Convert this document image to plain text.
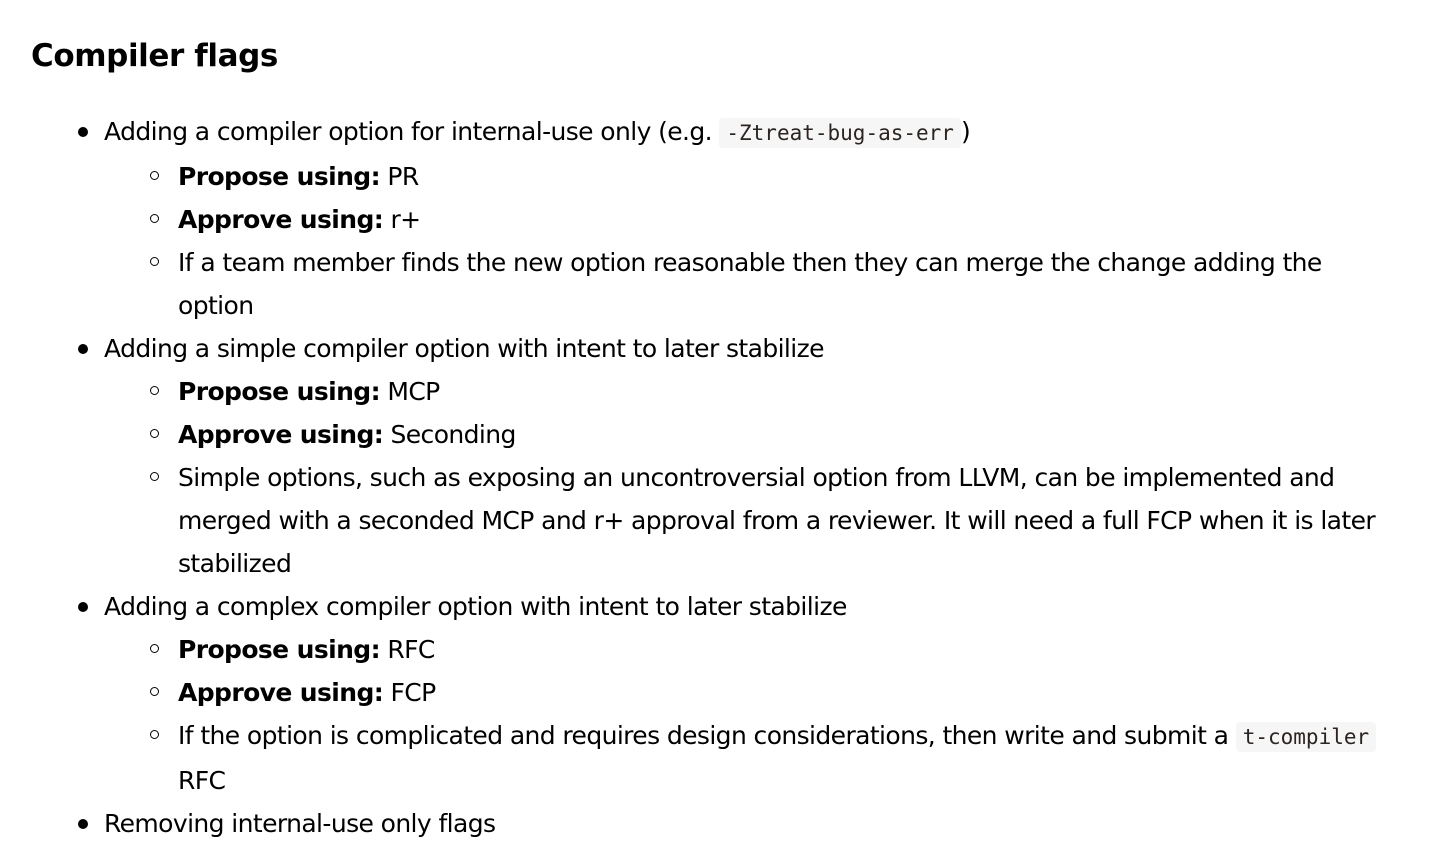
Compiler flags
Adding a compiler option for internal-use only (e.g. -Ztreat-bug-as-err )
Propose using: PR
Approve using: r+
If a team member finds the new option reasonable then they can merge the change adding the option
Adding a simple compiler option with intent to later stabilize
Propose using: MCP
Approve using: Seconding
Simple options, such as exposing an uncontroversial option from LLVM, can be implemented and merged with a seconded MCP and r+ approval from a reviewer. It will need a full FCP when it is later stabilized
Adding a complex compiler option with intent to later stabilize
Propose using: RFC
Approve using: FCP
If the option is complicated and requires design considerations, then write and submit a t-compiler RFC
Removing internal-use only flags
